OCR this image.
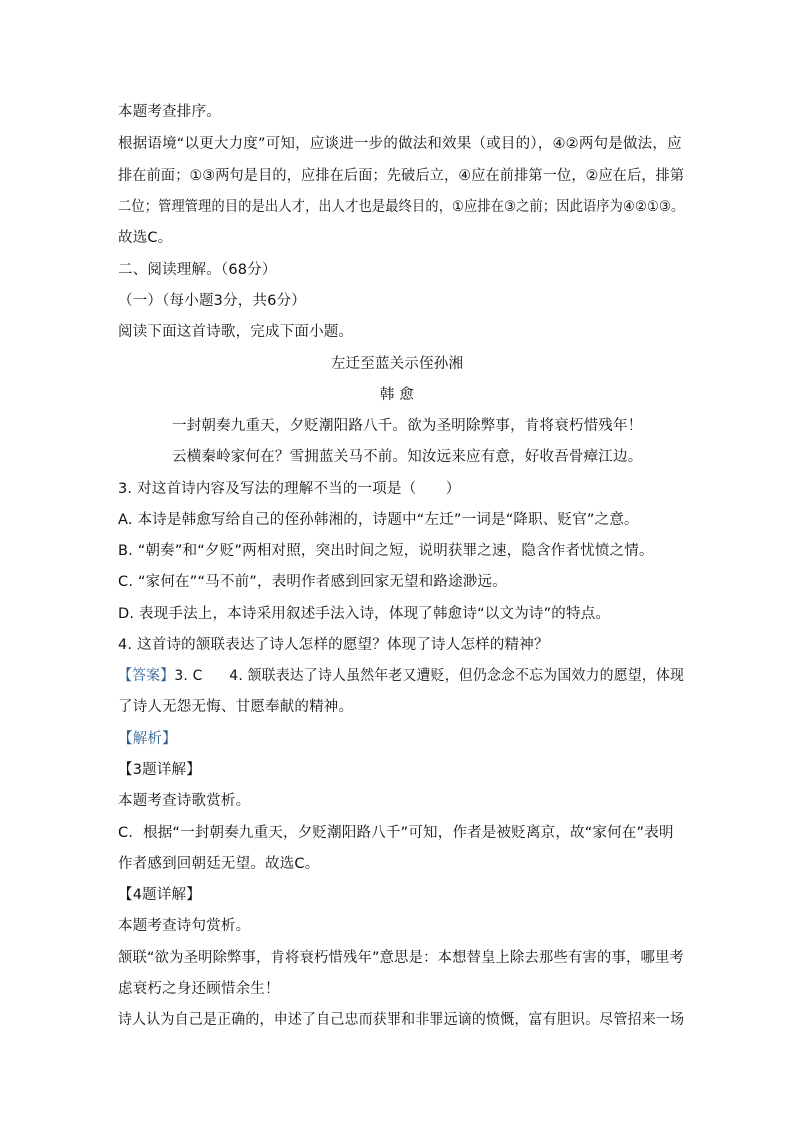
本题考查排序。
根据语境“以更大力度”可知，应谈进一步的做法和效果（或目的），④②两句是做法，应
排在前面；①③两句是目的，应排在后面；先破后立，④应在前排第一位，②应在后，排第
二位；管理管理的目的是出人才，出人才也是最终目的，①应排在③之前；因此语序为④②①③。
故选C。
二、阅读理解。（68分）
（一）（每小题3分，共6分）
阅读下面这首诗歌，完成下面小题。
左迁至蓝关示侄孙湘
韩 愈
一封朝奏九重天，夕贬潮阳路八千。欲为圣明除弊事，肯将衰朽惜残年！
云横秦岭家何在？雪拥蓝关马不前。知汝远来应有意，好收吾骨瘴江边。
3. 对这首诗内容及写法的理解不当的一项是（　　）
A. 本诗是韩愈写给自己的侄孙韩湘的，诗题中“左迁”一词是“降职、贬官”之意。
B. “朝奏”和“夕贬”两相对照，突出时间之短，说明获罪之速，隐含作者忧愤之情。
C. “家何在”“马不前”，表明作者感到回家无望和路途渺远。
D. 表现手法上，本诗采用叙述手法入诗，体现了韩愈诗“以文为诗”的特点。
4. 这首诗的颔联表达了诗人怎样的愿望？体现了诗人怎样的精神？
【答案】3. C 4. 颔联表达了诗人虽然年老又遭贬，但仍念念不忘为国效力的愿望，体现
了诗人无怨无悔、甘愿奉献的精神。
【解析】
【3题详解】
本题考查诗歌赏析。
C．根据“一封朝奏九重天，夕贬潮阳路八千”可知，作者是被贬离京，故“家何在”表明
作者感到回朝廷无望。故选C。
【4题详解】
本题考查诗句赏析。
颔联“欲为圣明除弊事，肯将衰朽惜残年”意思是：本想替皇上除去那些有害的事，哪里考
虑衰朽之身还顾惜余生！
诗人认为自己是正确的，申述了自己忠而获罪和非罪远谪的愤慨，富有胆识。尽管招来一场
